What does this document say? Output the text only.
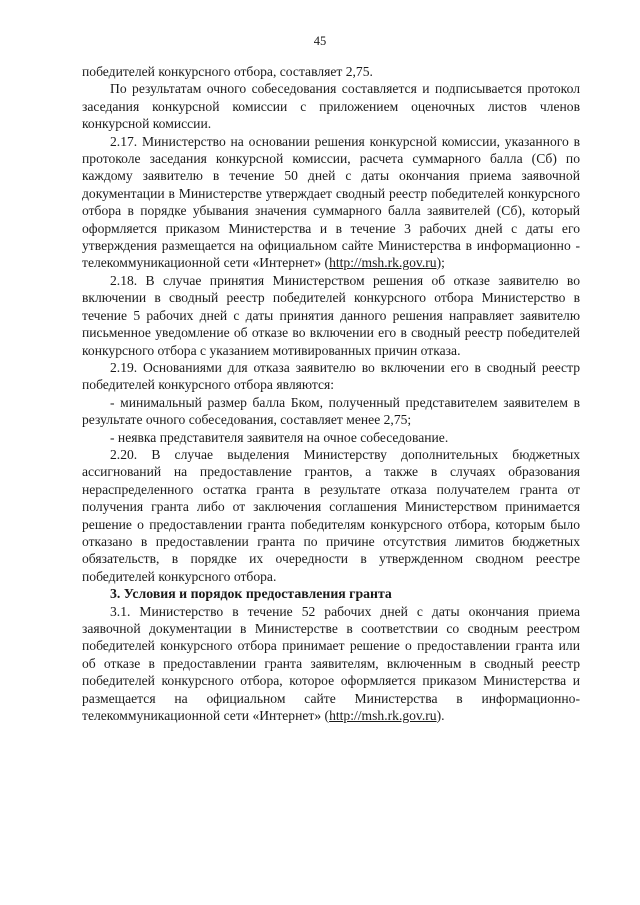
45

победителей конкурсного отбора, составляет 2,75.

По результатам очного собеседования составляется и подписывается протокол заседания конкурсной комиссии с приложением оценочных листов членов конкурсной комиссии.

2.17. Министерство на основании решения конкурсной комиссии, указанного в протоколе заседания конкурсной комиссии, расчета суммарного балла (Сб) по каждому заявителю в течение 50 дней с даты окончания приема заявочной документации в Министерстве утверждает сводный реестр победителей конкурсного отбора в порядке убывания значения суммарного балла заявителей (Сб), который оформляется приказом Министерства и в течение 3 рабочих дней с даты его утверждения размещается на официальном сайте Министерства в информационно - телекоммуникационной сети «Интернет» (http://msh.rk.gov.ru);

2.18. В случае принятия Министерством решения об отказе заявителю во включении в сводный реестр победителей конкурсного отбора Министерство в течение 5 рабочих дней с даты принятия данного решения направляет заявителю письменное уведомление об отказе во включении его в сводный реестр победителей конкурсного отбора с указанием мотивированных причин отказа.

2.19. Основаниями для отказа заявителю во включении его в сводный реестр победителей конкурсного отбора являются:

- минимальный размер балла Бком, полученный представителем заявителем в результате очного собеседования, составляет менее 2,75;

- неявка представителя заявителя на очное собеседование.

2.20. В случае выделения Министерству дополнительных бюджетных ассигнований на предоставление грантов, а также в случаях образования нераспределенного остатка гранта в результате отказа получателем гранта от получения гранта либо от заключения соглашения Министерством принимается решение о предоставлении гранта победителям конкурсного отбора, которым было отказано в предоставлении гранта по причине отсутствия лимитов бюджетных обязательств, в порядке их очередности в утвержденном сводном реестре победителей конкурсного отбора.

3. Условия и порядок предоставления гранта

3.1. Министерство в течение 52 рабочих дней с даты окончания приема заявочной документации в Министерстве в соответствии со сводным реестром победителей конкурсного отбора принимает решение о предоставлении гранта или об отказе в предоставлении гранта заявителям, включенным в сводный реестр победителей конкурсного отбора, которое оформляется приказом Министерства и размещается на официальном сайте Министерства в информационно-телекоммуникационной сети «Интернет» (http://msh.rk.gov.ru).
